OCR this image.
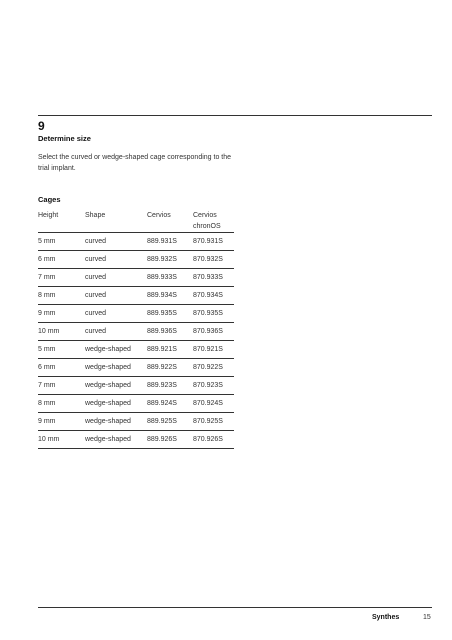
9
Determine size
Select the curved or wedge-shaped cage corresponding to the trial implant.
Cages
Height	Shape	Cervios	Cervios chronOS
5 mm	curved	889.931S	870.931S
6 mm	curved	889.932S	870.932S
7 mm	curved	889.933S	870.933S
8 mm	curved	889.934S	870.934S
9 mm	curved	889.935S	870.935S
10 mm	curved	889.936S	870.936S
5 mm	wedge-shaped	889.921S	870.921S
6 mm	wedge-shaped	889.922S	870.922S
7 mm	wedge-shaped	889.923S	870.923S
8 mm	wedge-shaped	889.924S	870.924S
9 mm	wedge-shaped	889.925S	870.925S
10 mm	wedge-shaped	889.926S	870.926S
Synthes	15
